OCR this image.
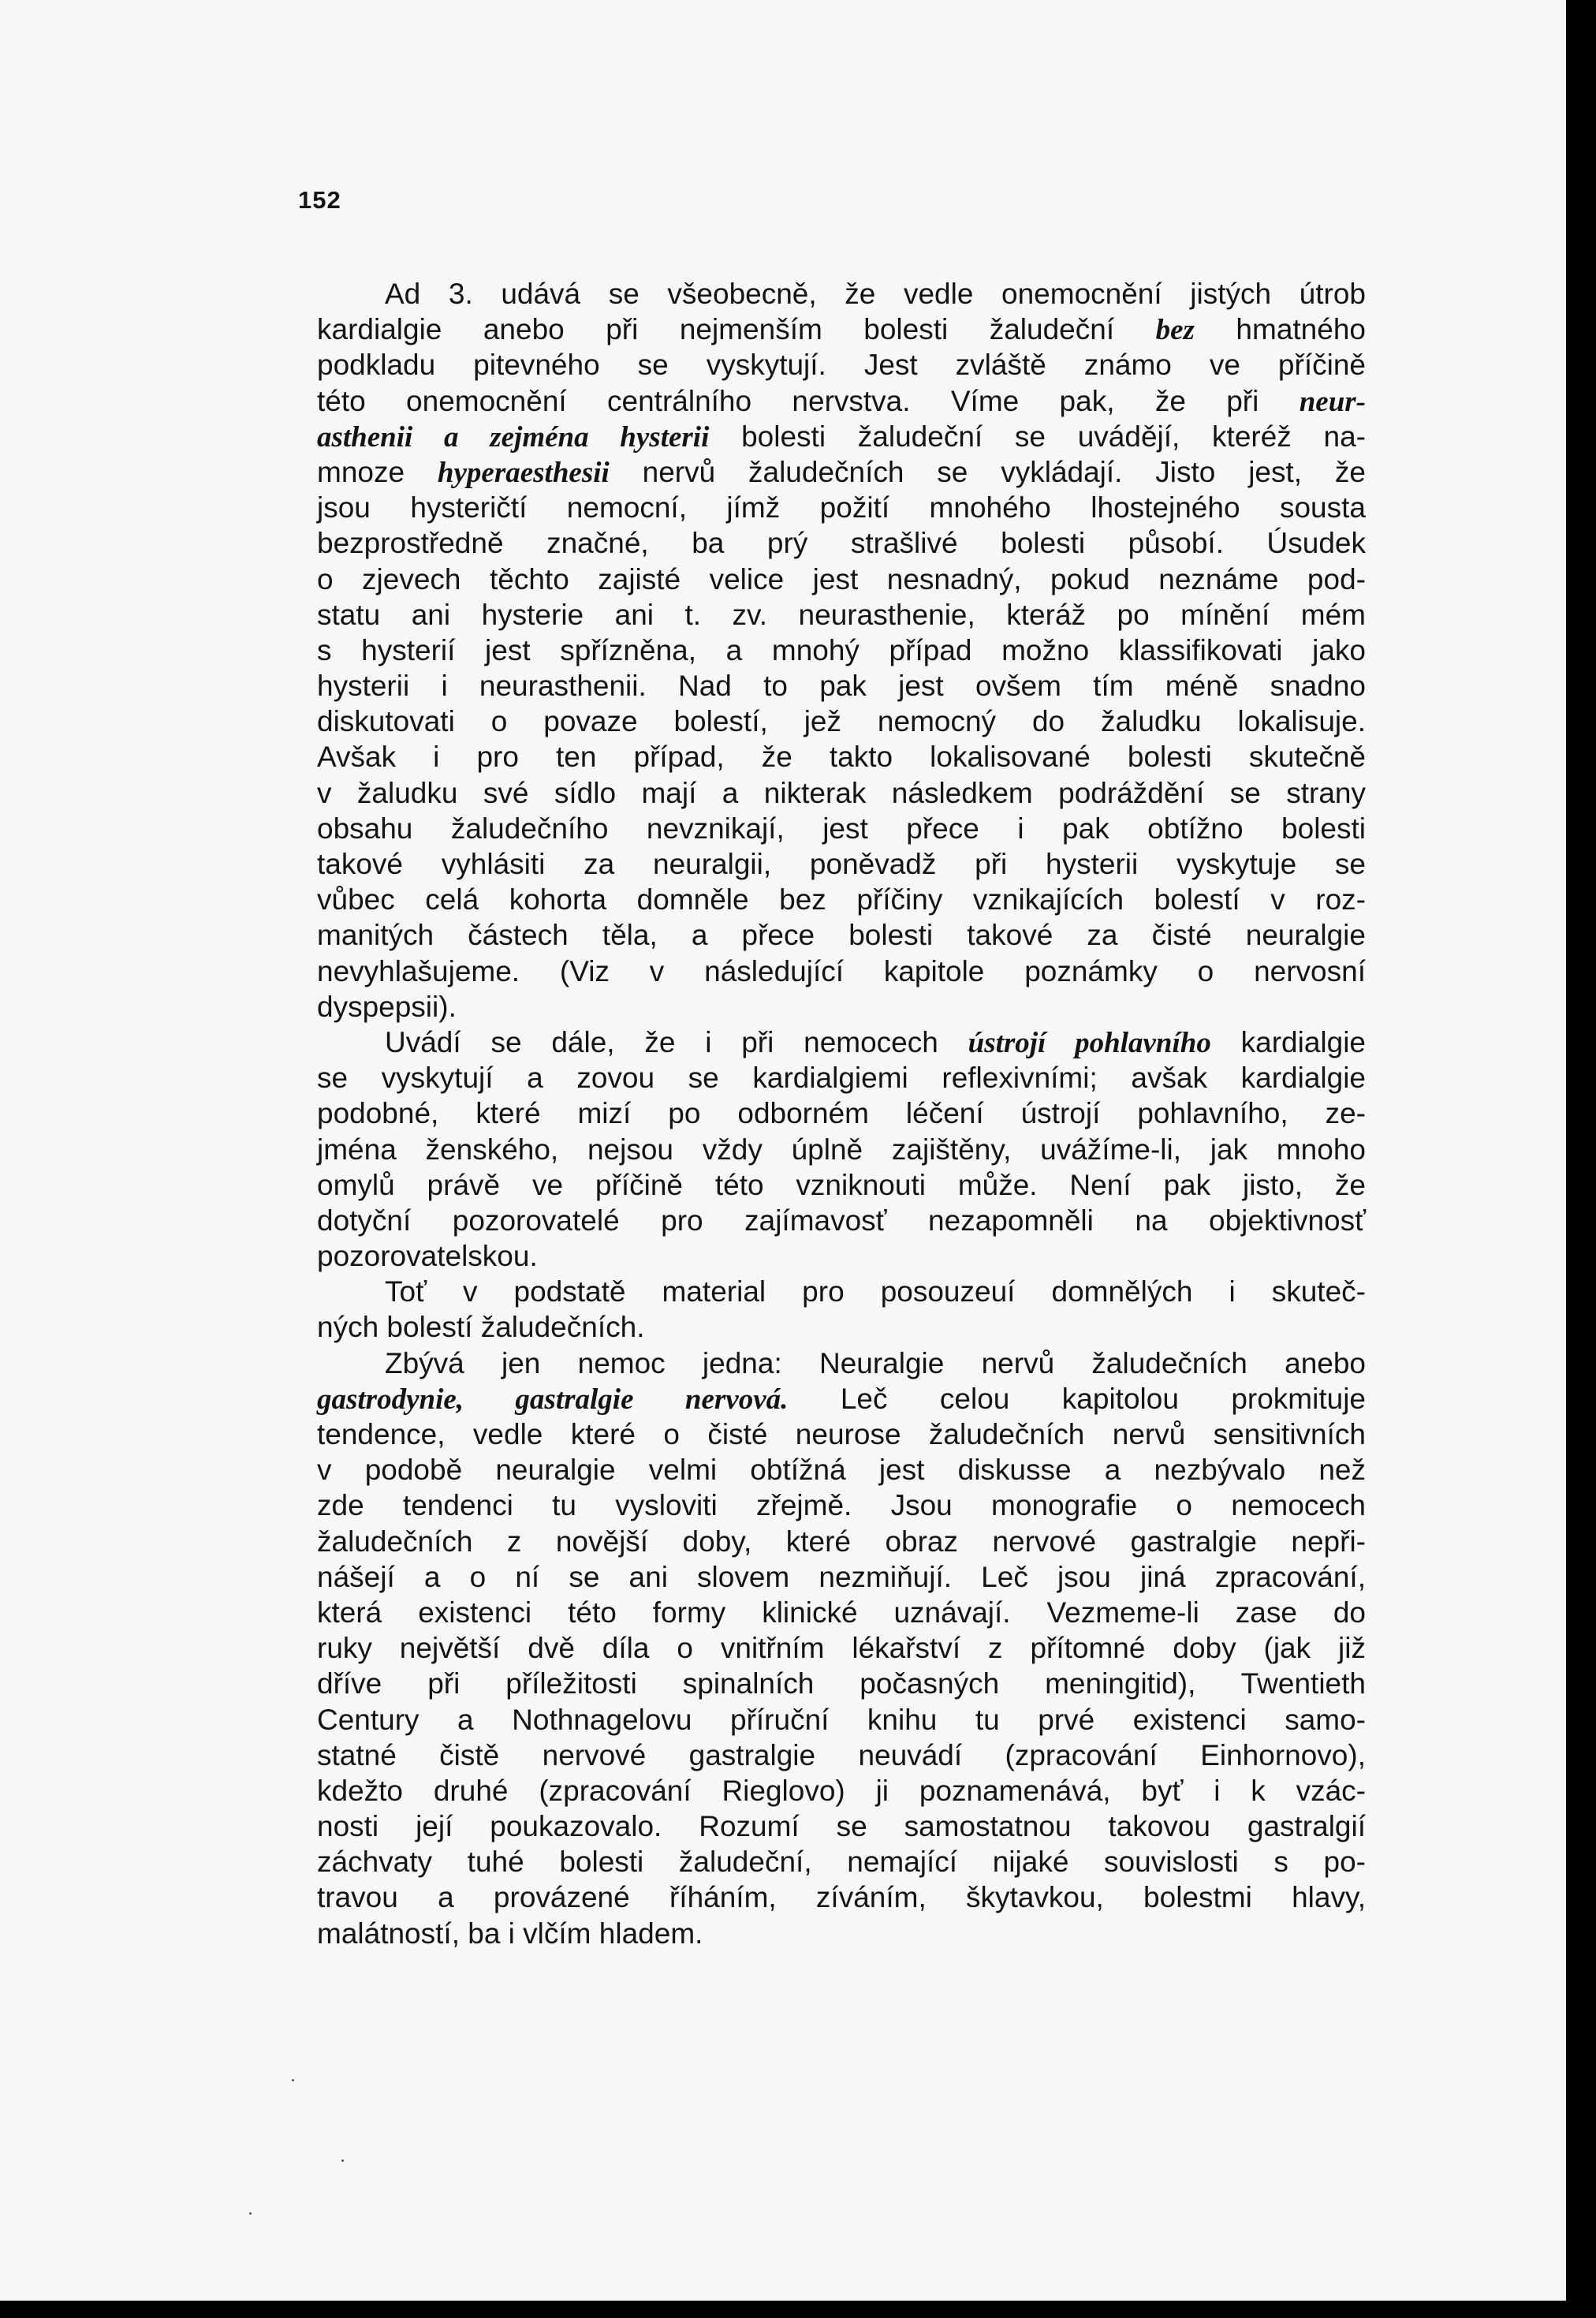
152
Ad 3. udává se všeobecně, že vedle onemocnění jistých útrob
kardialgie anebo při nejmenším bolesti žaludeční bez hmatného
podkladu pitevného se vyskytují. Jest zvláště známo ve příčině
této onemocnění centrálního nervstva. Víme pak, že při neur-
asthenii a zejména hysterii bolesti žaludeční se uvádějí, kteréž na-
mnoze hyperaesthesii nervů žaludečních se vykládají. Jisto jest, že
jsou hysteričtí nemocní, jímž požití mnohého lhostejného sousta
bezprostředně značné, ba prý strašlivé bolesti působí. Úsudek
o zjevech těchto zajisté velice jest nesnadný, pokud neznáme pod-
statu ani hysterie ani t. zv. neurasthenie, kteráž po mínění mém
s hysterií jest spřízněna, a mnohý případ možno klassifikovati jako
hysterii i neurasthenii. Nad to pak jest ovšem tím méně snadno
diskutovati o povaze bolestí, jež nemocný do žaludku lokalisuje.
Avšak i pro ten případ, že takto lokalisované bolesti skutečně
v žaludku své sídlo mají a nikterak následkem podráždění se strany
obsahu žaludečního nevznikají, jest přece i pak obtížno bolesti
takové vyhlásiti za neuralgii, poněvadž při hysterii vyskytuje se
vůbec celá kohorta domněle bez příčiny vznikajících bolestí v roz-
manitých částech těla, a přece bolesti takové za čisté neuralgie
nevyhlašujeme. (Viz v následující kapitole poznámky o nervosní
dyspepsii).
Uvádí se dále, že i při nemocech ústrojí pohlavního kardialgie
se vyskytují a zovou se kardialgiemi reflexivními; avšak kardialgie
podobné, které mizí po odborném léčení ústrojí pohlavního, ze-
jména ženského, nejsou vždy úplně zajištěny, uvážíme-li, jak mnoho
omylů právě ve příčině této vzniknouti může. Není pak jisto, že
dotyční pozorovatelé pro zajímavosť nezapomněli na objektivnosť
pozorovatelskou.
Toť v podstatě material pro posouzeuí domnělých i skuteč-
ných bolestí žaludečních.
Zbývá jen nemoc jedna: Neuralgie nervů žaludečních anebo
gastrodynie, gastralgie nervová. Leč celou kapitolou prokmituje
tendence, vedle které o čisté neurose žaludečních nervů sensitivních
v podobě neuralgie velmi obtížná jest diskusse a nezbývalo než
zde tendenci tu vysloviti zřejmě. Jsou monografie o nemocech
žaludečních z novější doby, které obraz nervové gastralgie nepři-
nášejí a o ní se ani slovem nezmiňují. Leč jsou jiná zpracování,
která existenci této formy klinické uznávají. Vezmeme-li zase do
ruky největší dvě díla o vnitřním lékařství z přítomné doby (jak již
dříve při příležitosti spinalních počasných meningitid), Twentieth
Century a Nothnagelovu příruční knihu tu prvé existenci samo-
statné čistě nervové gastralgie neuvádí (zpracování Einhornovo),
kdežto druhé (zpracování Rieglovo) ji poznamenává, byť i k vzác-
nosti její poukazovalo. Rozumí se samostatnou takovou gastralgií
záchvaty tuhé bolesti žaludeční, nemající nijaké souvislosti s po-
travou a provázené říháním, zíváním, škytavkou, bolestmi hlavy,
malátností, ba i vlčím hladem.
